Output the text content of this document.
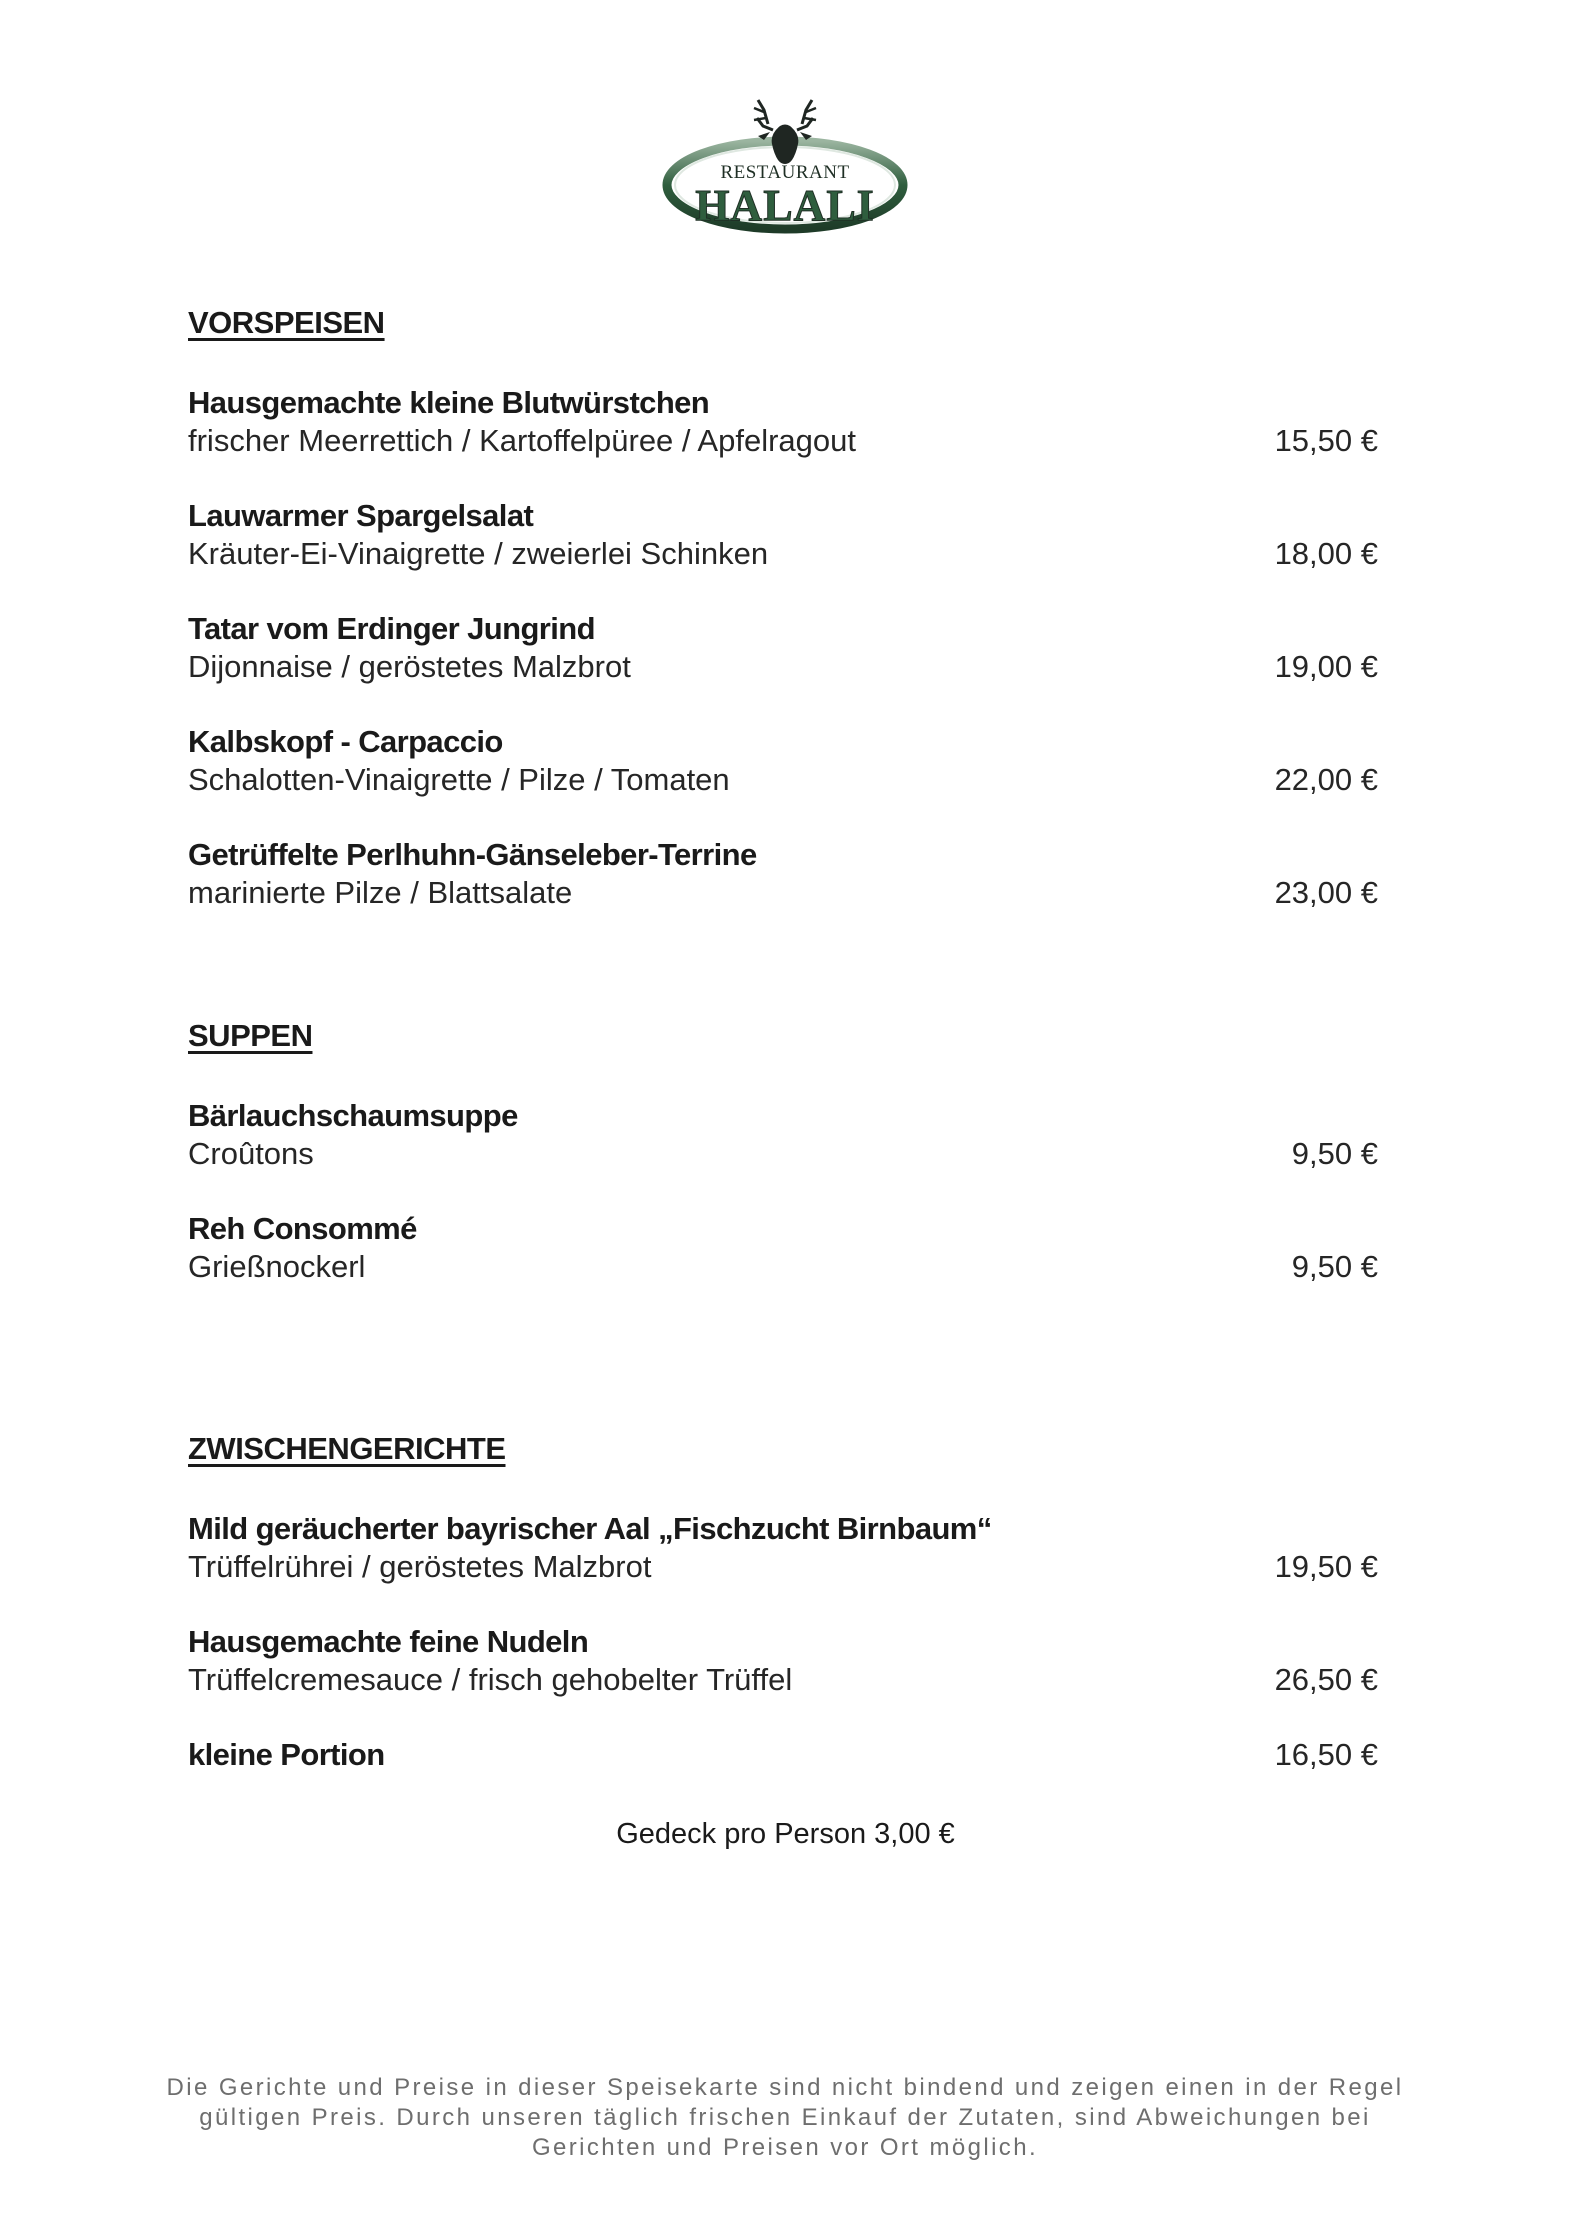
RESTAURANT
HALALI
VORSPEISEN
Hausgemachte kleine Blutwürstchen
frischer Meerrettich / Kartoffelpüree / Apfelragout	15,50 €
Lauwarmer Spargelsalat
Kräuter-Ei-Vinaigrette / zweierlei Schinken	18,00 €
Tatar vom Erdinger Jungrind
Dijonnaise / geröstetes Malzbrot	19,00 €
Kalbskopf - Carpaccio
Schalotten-Vinaigrette / Pilze / Tomaten	22,00 €
Getrüffelte Perlhuhn-Gänseleber-Terrine
marinierte Pilze / Blattsalate	23,00 €
SUPPEN
Bärlauchschaumsuppe
Croûtons	9,50 €
Reh Consommé
Grießnockerl	9,50 €
ZWISCHENGERICHTE
Mild geräucherter bayrischer Aal „Fischzucht Birnbaum“
Trüffelrührei / geröstetes Malzbrot	19,50 €
Hausgemachte feine Nudeln
Trüffelcremesauce / frisch gehobelter Trüffel	26,50 €
kleine Portion	16,50 €
Gedeck pro Person 3,00 €
Die Gerichte und Preise in dieser Speisekarte sind nicht bindend und zeigen einen in der Regel gültigen Preis. Durch unseren täglich frischen Einkauf der Zutaten, sind Abweichungen bei Gerichten und Preisen vor Ort möglich.
